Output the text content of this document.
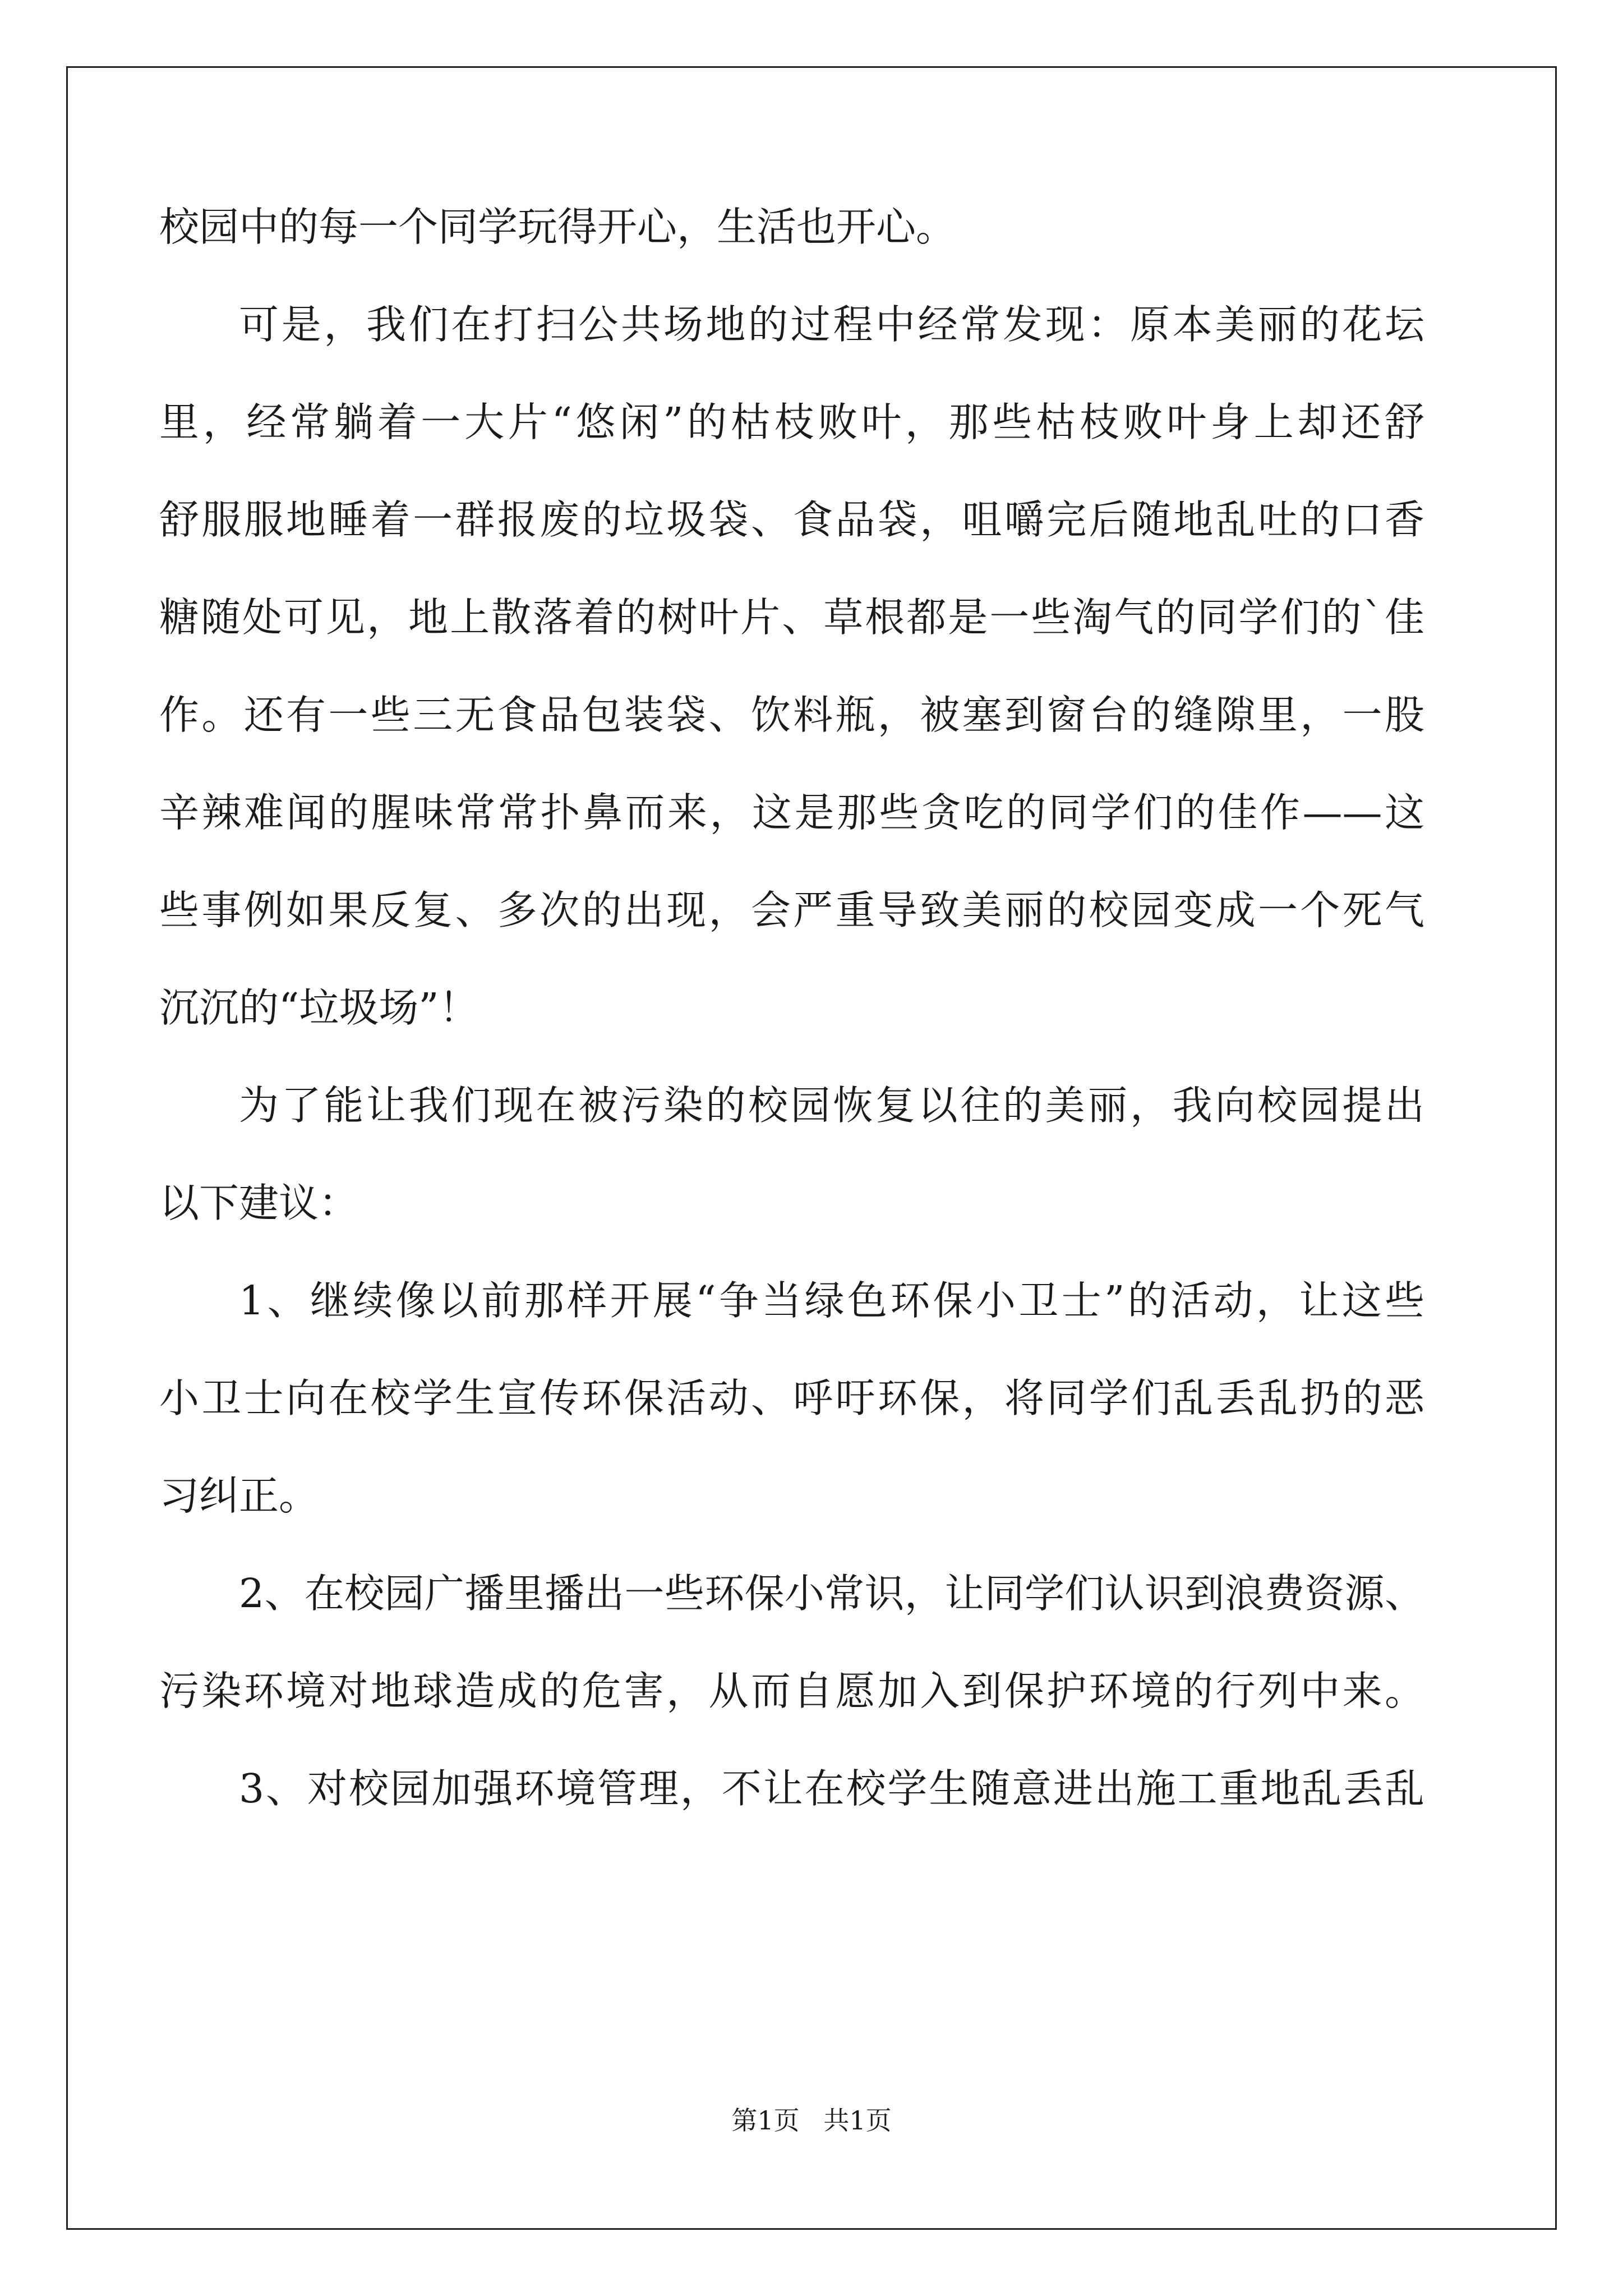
校园中的每一个同学玩得开心，生活也开心。
可是，我们在打扫公共场地的过程中经常发现：原本美丽的花坛
里，经常躺着一大片“悠闲”的枯枝败叶，那些枯枝败叶身上却还舒
舒服服地睡着一群报废的垃圾袋、食品袋，咀嚼完后随地乱吐的口香
糖随处可见，地上散落着的树叶片、草根都是一些淘气的同学们的`佳
作。还有一些三无食品包装袋、饮料瓶，被塞到窗台的缝隙里，一股
辛辣难闻的腥味常常扑鼻而来，这是那些贪吃的同学们的佳作——这
些事例如果反复、多次的出现，会严重导致美丽的校园变成一个死气
沉沉的“垃圾场”！
为了能让我们现在被污染的校园恢复以往的美丽，我向校园提出
以下建议：
1、继续像以前那样开展“争当绿色环保小卫士”的活动，让这些
小卫士向在校学生宣传环保活动、呼吁环保，将同学们乱丢乱扔的恶
习纠正。
2、在校园广播里播出一些环保小常识，让同学们认识到浪费资源、
污染环境对地球造成的危害，从而自愿加入到保护环境的行列中来。
3、对校园加强环境管理，不让在校学生随意进出施工重地乱丢乱
第1页 共1页
